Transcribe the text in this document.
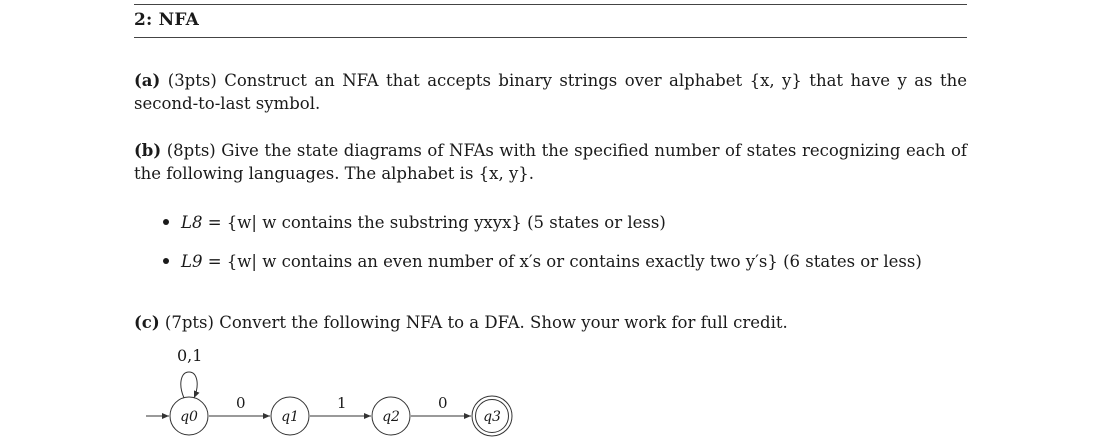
2: NFA
(a) (3pts) Construct an NFA that accepts binary strings over alphabet {x, y} that have y as the second-to-last symbol.
(b) (8pts) Give the state diagrams of NFAs with the specified number of states recognizing each of the following languages. The alphabet is {x, y}.
L8 = {w| w contains the substring yxyx} (5 states or less)
L9 = {w| w contains an even number of x′s or contains exactly two y′s} (6 states or less)
(c) (7pts) Convert the following NFA to a DFA. Show your work for full credit.
0,1
0	1	0
q0	q1	q2	q3
